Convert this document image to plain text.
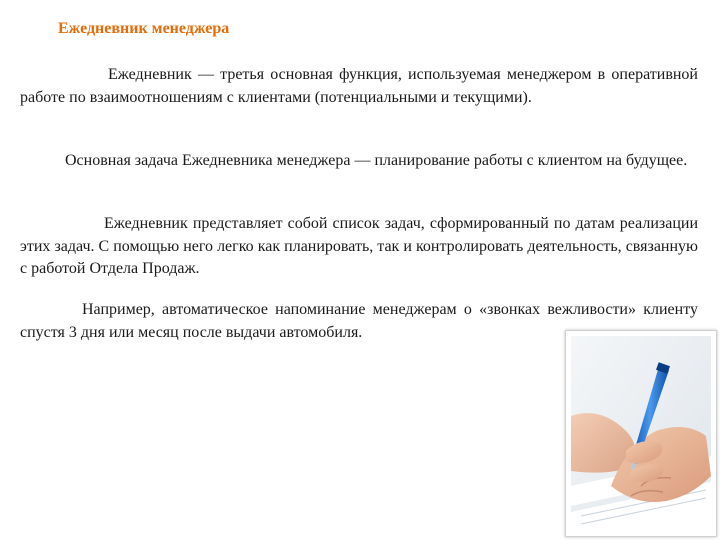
Ежедневник менеджера

Ежедневник — третья основная функция, используемая менеджером в оперативной работе по взаимоотношениям с клиентами (потенциальными и текущими).

Основная задача Ежедневника менеджера — планирование работы с клиентом на будущее.

Ежедневник представляет собой список задач, сформированный по датам реализации этих задач. С помощью него легко как планировать, так и контролировать деятельность, связанную с работой Отдела Продаж.

Например, автоматическое напоминание менеджерам о «звонках вежливости» клиенту спустя 3 дня или месяц после выдачи автомобиля.
